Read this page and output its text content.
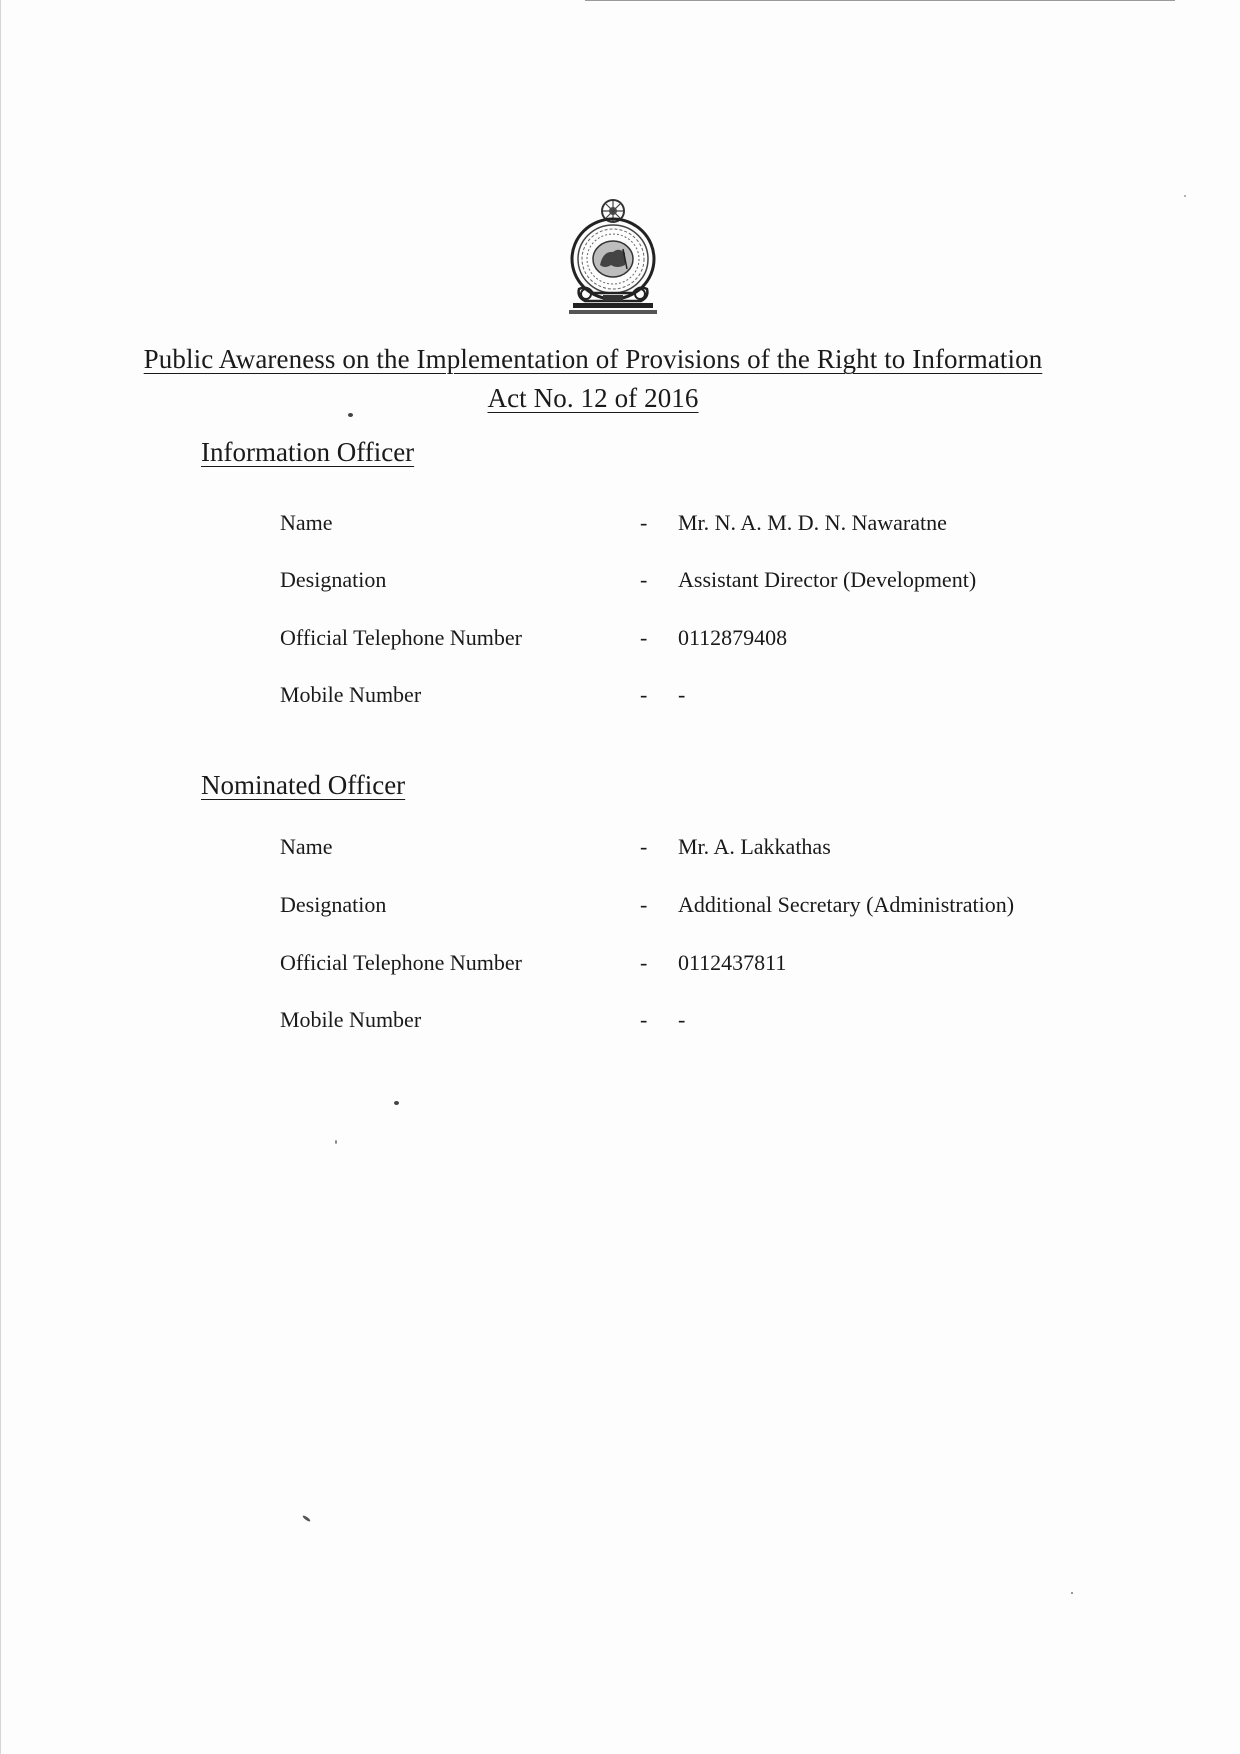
Public Awareness on the Implementation of Provisions of the Right to Information
Act No. 12 of 2016
Information Officer
Name	- Mr. N. A. M. D. N. Nawaratne
Designation	- Assistant Director (Development)
Official Telephone Number	- 0112879408
Mobile Number	- -
Nominated Officer
Name	- Mr. A. Lakkathas
Designation	- Additional Secretary (Administration)
Official Telephone Number	- 0112437811
Mobile Number	- -
